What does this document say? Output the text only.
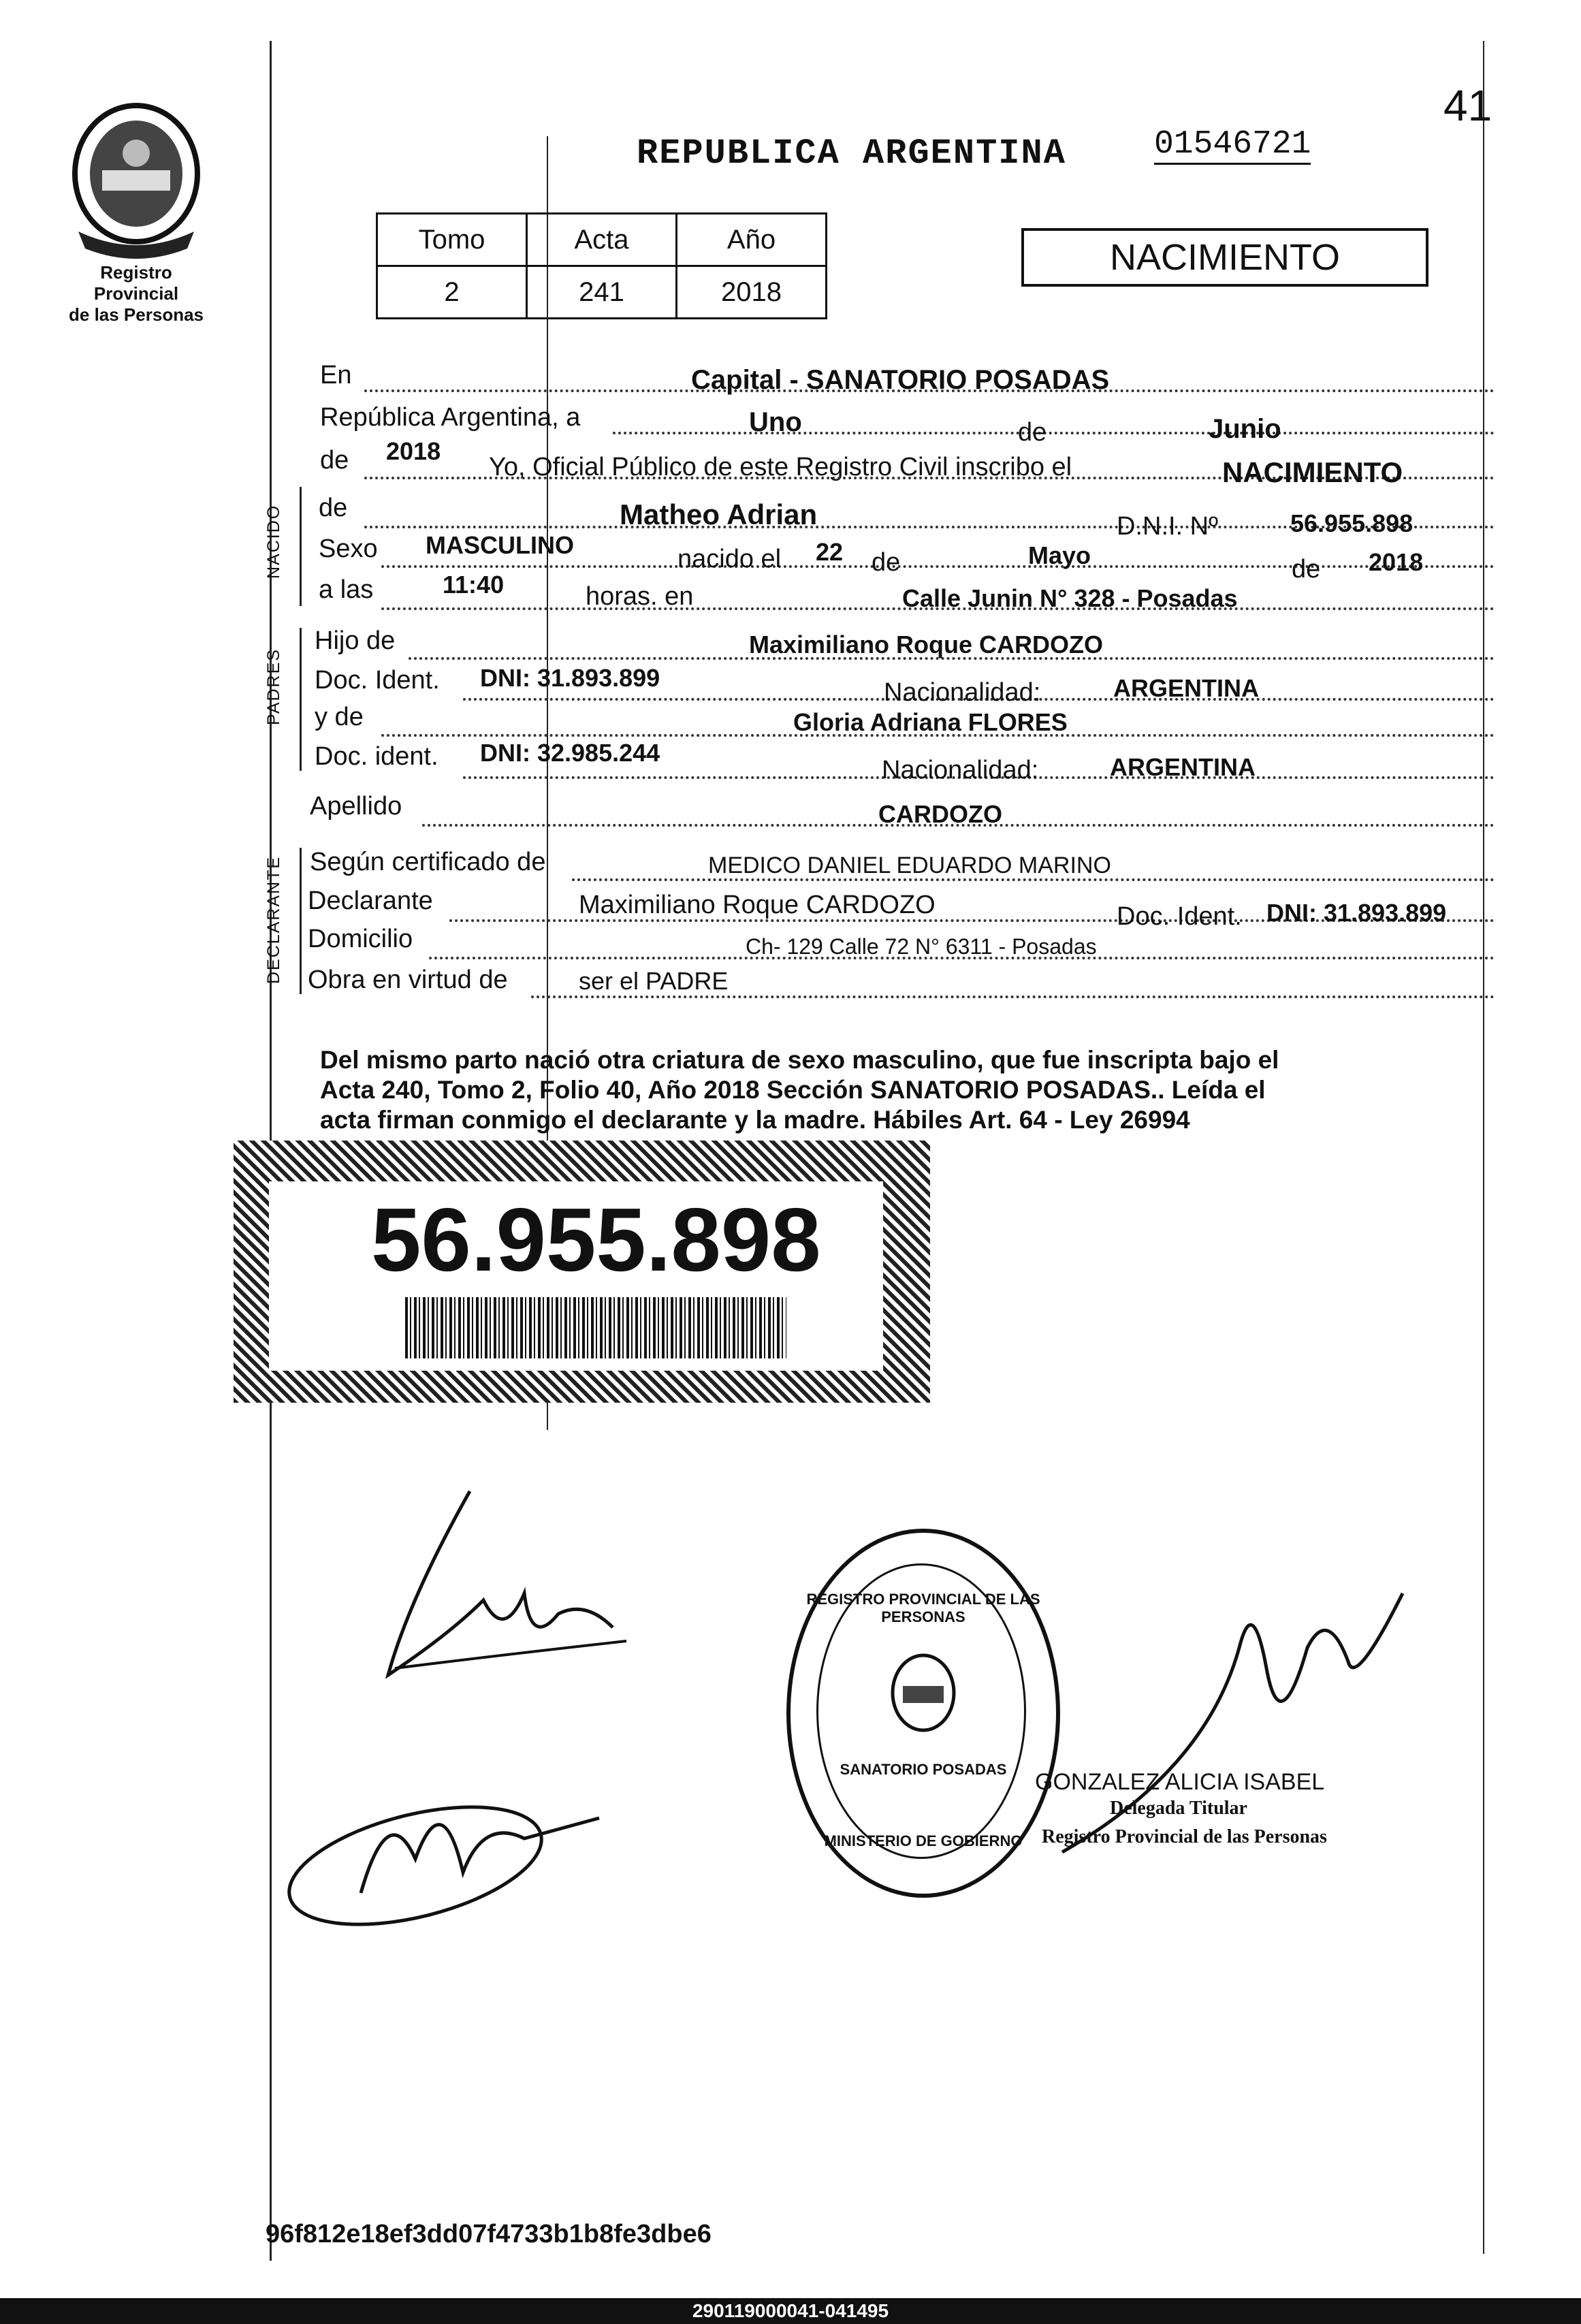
Registro Provincial
de las Personas
41
REPUBLICA ARGENTINA	01546721
Tomo	Acta	Año
2	241	2018
NACIMIENTO
NACIDO
PADRES
DECLARANTE
En	Capital - SANATORIO POSADAS
República Argentina, a	Uno	de	Junio
de 2018
Yo, Oficial Público de este Registro Civil inscribo el	NACIMIENTO
de	Matheo Adrian	D.N.I. Nº	56.955.898
Sexo MASCULINO	nacido el 22 de	Mayo	de 2018
a las	11:40	horas. en	Calle Junin N° 328 - Posadas
Hijo de	Maximiliano Roque CARDOZO
Doc. Ident. DNI: 31.893.899
Nacionalidad:	ARGENTINA
y de	Gloria Adriana FLORES
Doc. ident. DNI: 32.985.244
Nacionalidad:	ARGENTINA
Apellido	CARDOZO
Según certificado de	MEDICO DANIEL EDUARDO MARINO
Declarante	Maximiliano Roque CARDOZO	Doc. Ident. DNI: 31.893.899
Domicilio	Ch- 129 Calle 72 N° 6311 - Posadas
Obra en virtud de	ser el PADRE
Del mismo parto nació otra criatura de sexo masculino, que fue inscripta bajo el
Acta 240, Tomo 2, Folio 40, Año 2018 Sección SANATORIO POSADAS.. Leída el
acta firman conmigo el declarante y la madre. Hábiles Art. 64 - Ley 26994
56.955.898
REGISTRO PROVINCIAL DE LAS PERSONAS
SANATORIO POSADAS
MINISTERIO DE GOBIERNO
GONZALEZ ALICIA ISABEL
Delegada Titular
Registro Provincial de las Personas
96f812e18ef3dd07f4733b1b8fe3dbe6
290119000041-041495
